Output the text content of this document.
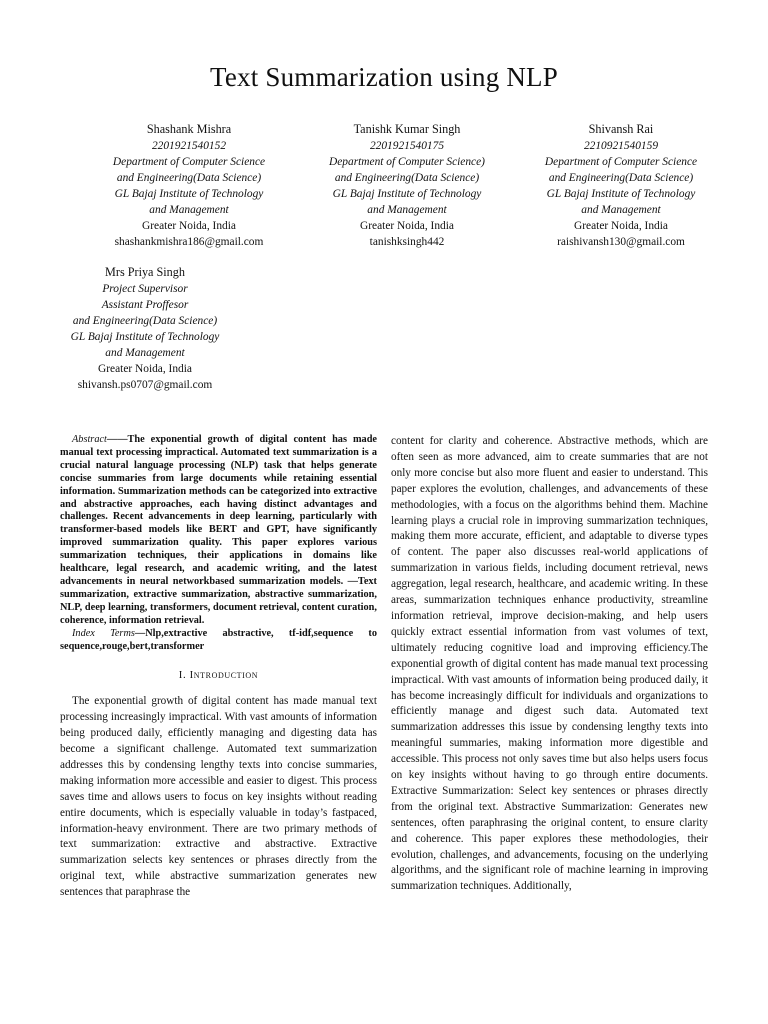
Text Summarization using NLP
Shashank Mishra
2201921540152
Department of Computer Science
and Engineering(Data Science)
GL Bajaj Institute of Technology
and Management
Greater Noida, India
shashankmishra186@gmail.com
Tanishk Kumar Singh
2201921540175
Department of Computer Science)
and Engineering(Data Science)
GL Bajaj Institute of Technology
and Management
Greater Noida, India
tanishksingh442
Shivansh Rai
2210921540159
Department of Computer Science
and Engineering(Data Science)
GL Bajaj Institute of Technology
and Management
Greater Noida, India
raishivansh130@gmail.com
Mrs Priya Singh
Project Supervisor
Assistant Proffesor
and Engineering(Data Science)
GL Bajaj Institute of Technology
and Management
Greater Noida, India
shivansh.ps0707@gmail.com

Abstract——The exponential growth of digital content has made manual text processing impractical. Automated text summarization is a crucial natural language processing (NLP) task that helps generate concise summaries from large documents while retaining essential information. Summarization methods can be categorized into extractive and abstractive approaches, each having distinct advantages and challenges. Recent advancements in deep learning, particularly with transformer-based models like BERT and GPT, have significantly improved summarization quality. This paper explores various summarization techniques, their applications in domains like healthcare, legal research, and academic writing, and the latest advancements in neural networkbased summarization models. —Text summarization, extractive summarization, abstractive summarization, NLP, deep learning, transformers, document retrieval, content curation, coherence, information retrieval.

Index Terms—Nlp,extractive abstractive, tf-idf,sequence to sequence,rouge,bert,transformer

I. Introduction

The exponential growth of digital content has made manual text processing increasingly impractical. With vast amounts of information being produced daily, efficiently managing and digesting data has become a significant challenge. Automated text summarization addresses this by condensing lengthy texts into concise summaries, making information more accessible and easier to digest. This process saves time and allows users to focus on key insights without reading entire documents, which is especially valuable in today’s fastpaced, information-heavy environment. There are two primary methods of text summarization: extractive and abstractive. Extractive summarization selects key sentences or phrases directly from the original text, while abstractive summarization generates new sentences that paraphrase the

content for clarity and coherence. Abstractive methods, which are often seen as more advanced, aim to create summaries that are not only more concise but also more fluent and easier to understand. This paper explores the evolution, challenges, and advancements of these methodologies, with a focus on the algorithms behind them. Machine learning plays a crucial role in improving summarization techniques, making them more accurate, efficient, and adaptable to diverse types of content. The paper also discusses real-world applications of summarization in various fields, including document retrieval, news aggregation, legal research, healthcare, and academic writing. In these areas, summarization techniques enhance productivity, streamline information retrieval, improve decision-making, and help users quickly extract essential information from vast volumes of text, ultimately reducing cognitive load and improving efficiency.The exponential growth of digital content has made manual text processing impractical. With vast amounts of information being produced daily, it has become increasingly difficult for individuals and organizations to efficiently manage and digest such data. Automated text summarization addresses this issue by condensing lengthy texts into meaningful summaries, making information more digestible and accessible. This process not only saves time but also helps users focus on key insights without having to go through entire documents. Extractive Summarization: Select key sentences or phrases directly from the original text. Abstractive Summarization: Generates new sentences, often paraphrasing the original content, to ensure clarity and coherence. This paper explores these methodologies, their evolution, challenges, and advancements, focusing on the underlying algorithms, and the significant role of machine learning in improving summarization techniques. Additionally,
